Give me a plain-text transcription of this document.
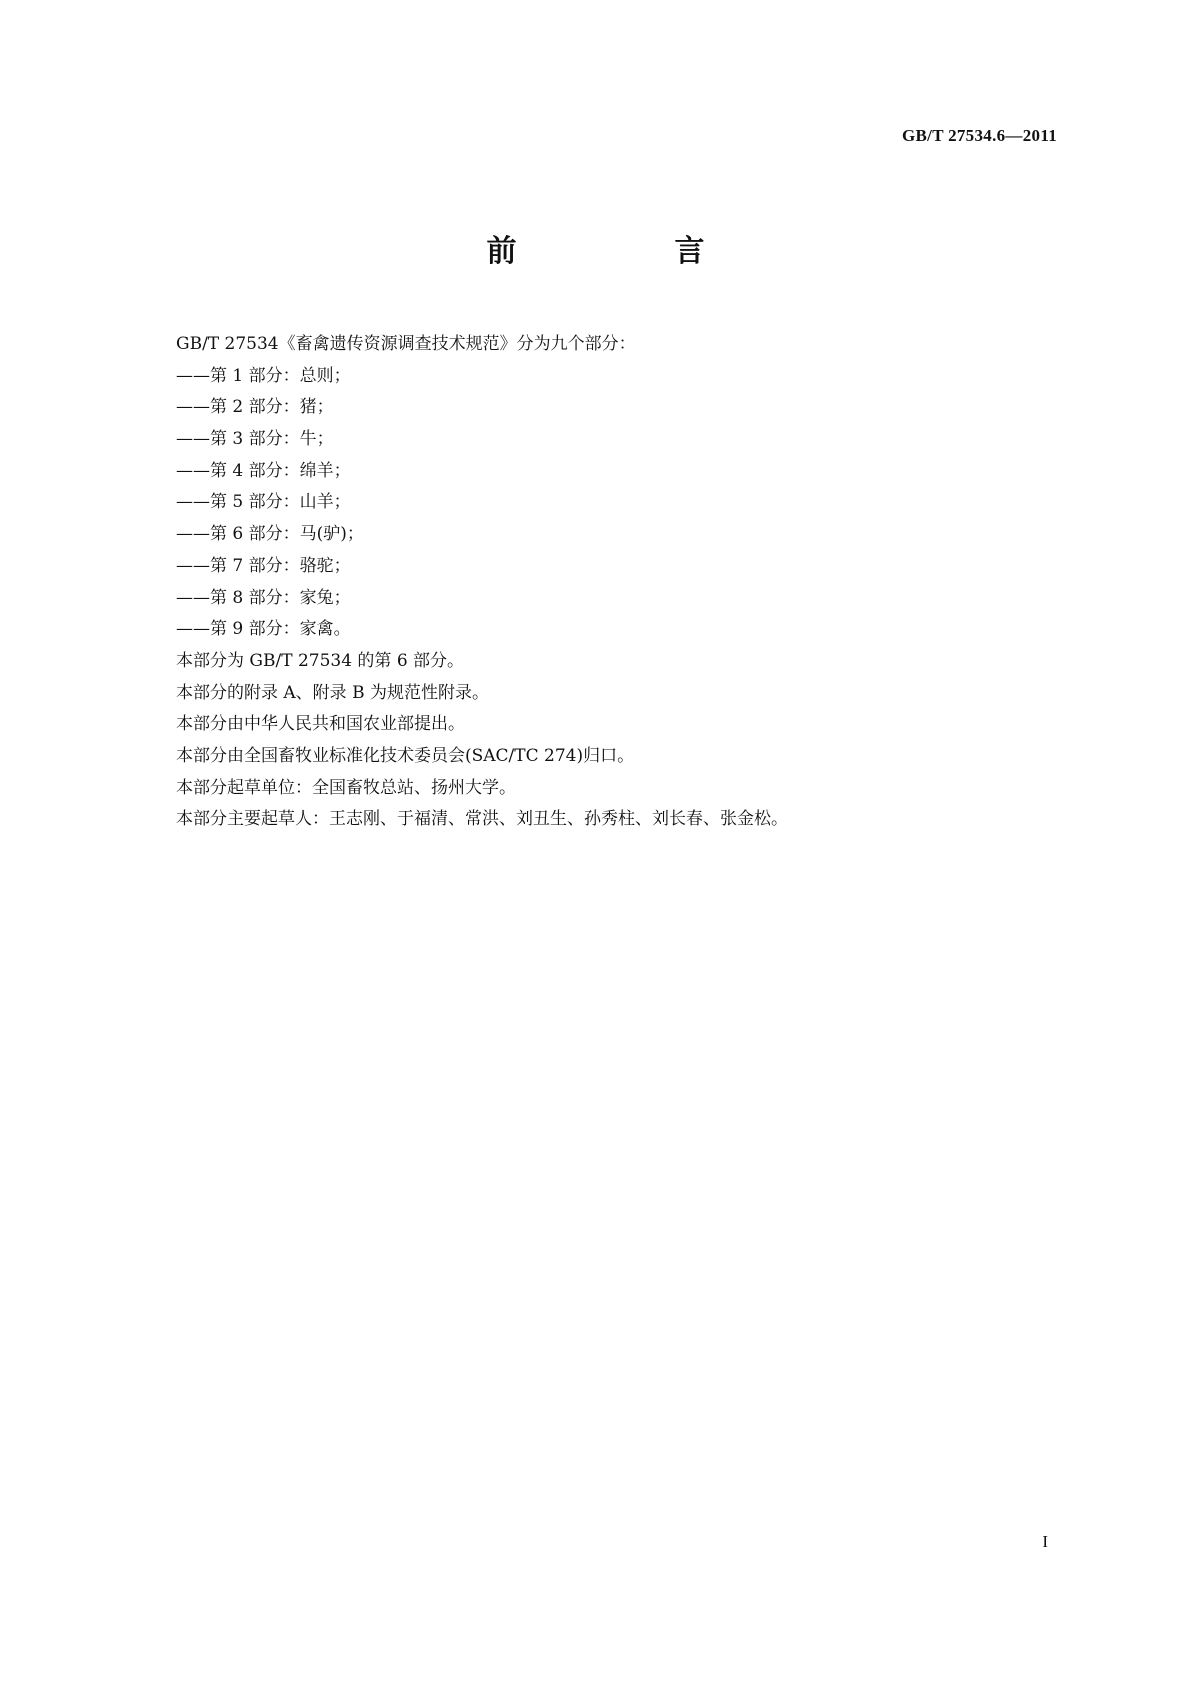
GB/T 27534.6—2011
前　言
GB/T 27534《畜禽遗传资源调查技术规范》分为九个部分：
——第 1 部分：总则；
——第 2 部分：猪；
——第 3 部分：牛；
——第 4 部分：绵羊；
——第 5 部分：山羊；
——第 6 部分：马(驴)；
——第 7 部分：骆驼；
——第 8 部分：家兔；
——第 9 部分：家禽。
本部分为 GB/T 27534 的第 6 部分。
本部分的附录 A、附录 B 为规范性附录。
本部分由中华人民共和国农业部提出。
本部分由全国畜牧业标准化技术委员会(SAC/TC 274)归口。
本部分起草单位：全国畜牧总站、扬州大学。
本部分主要起草人：王志刚、于福清、常洪、刘丑生、孙秀柱、刘长春、张金松。
I
